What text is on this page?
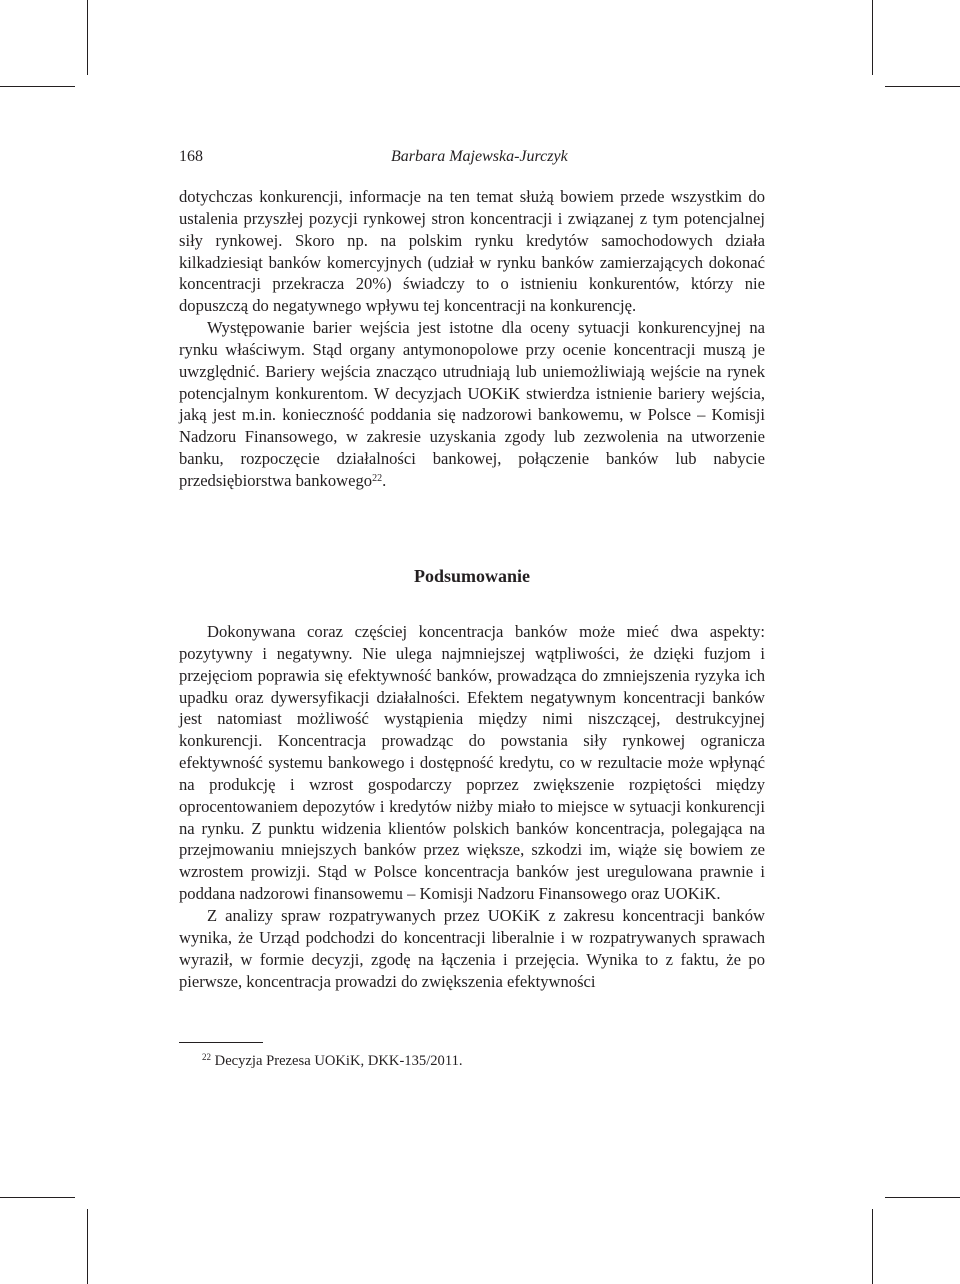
168	Barbara Majewska-Jurczyk

dotychczas konkurencji, informacje na ten temat służą bowiem przede wszystkim do ustalenia przyszłej pozycji rynkowej stron koncentracji i związanej z tym potencjalnej siły rynkowej. Skoro np. na polskim rynku kredytów samochodowych działa kilkadziesiąt banków komercyjnych (udział w rynku banków zamierzających dokonać koncentracji przekracza 20%) świadczy to o istnieniu konkurentów, którzy nie dopuszczą do negatywnego wpływu tej koncentracji na konkurencję.

Występowanie barier wejścia jest istotne dla oceny sytuacji konkurencyjnej na rynku właściwym. Stąd organy antymonopolowe przy ocenie koncentracji muszą je uwzględnić. Bariery wejścia znacząco utrudniają lub uniemożliwiają wejście na rynek potencjalnym konkurentom. W decyzjach UOKiK stwierdza istnienie bariery wejścia, jaką jest m.in. konieczność poddania się nadzorowi bankowemu, w Polsce – Komisji Nadzoru Finansowego, w zakresie uzyskania zgody lub zezwolenia na utworzenie banku, rozpoczęcie działalności bankowej, połączenie banków lub nabycie przedsiębiorstwa bankowego$^{22}$.

Podsumowanie

Dokonywana coraz częściej koncentracja banków może mieć dwa aspekty: pozytywny i negatywny. Nie ulega najmniejszej wątpliwości, że dzięki fuzjom i przejęciom poprawia się efektywność banków, prowadząca do zmniejszenia ryzyka ich upadku oraz dywersyfikacji działalności. Efektem negatywnym koncentracji banków jest natomiast możliwość wystąpienia między nimi niszczącej, destrukcyjnej konkurencji. Koncentracja prowadząc do powstania siły rynkowej ogranicza efektywność systemu bankowego i dostępność kredytu, co w rezultacie może wpłynąć na produkcję i wzrost gospodarczy poprzez zwiększenie rozpiętości między oprocentowaniem depozytów i kredytów niżby miało to miejsce w sytuacji konkurencji na rynku. Z punktu widzenia klientów polskich banków koncentracja, polegająca na przejmowaniu mniejszych banków przez większe, szkodzi im, wiąże się bowiem ze wzrostem prowizji. Stąd w Polsce koncentracja banków jest uregulowana prawnie i poddana nadzorowi finansowemu – Komisji Nadzoru Finansowego oraz UOKiK.

Z analizy spraw rozpatrywanych przez UOKiK z zakresu koncentracji banków wynika, że Urząd podchodzi do koncentracji liberalnie i w rozpatrywanych sprawach wyraził, w formie decyzji, zgodę na łączenia i przejęcia. Wynika to z faktu, że po pierwsze, koncentracja prowadzi do zwiększenia efektywności

$^{22}$ Decyzja Prezesa UOKiK, DKK-135/2011.
